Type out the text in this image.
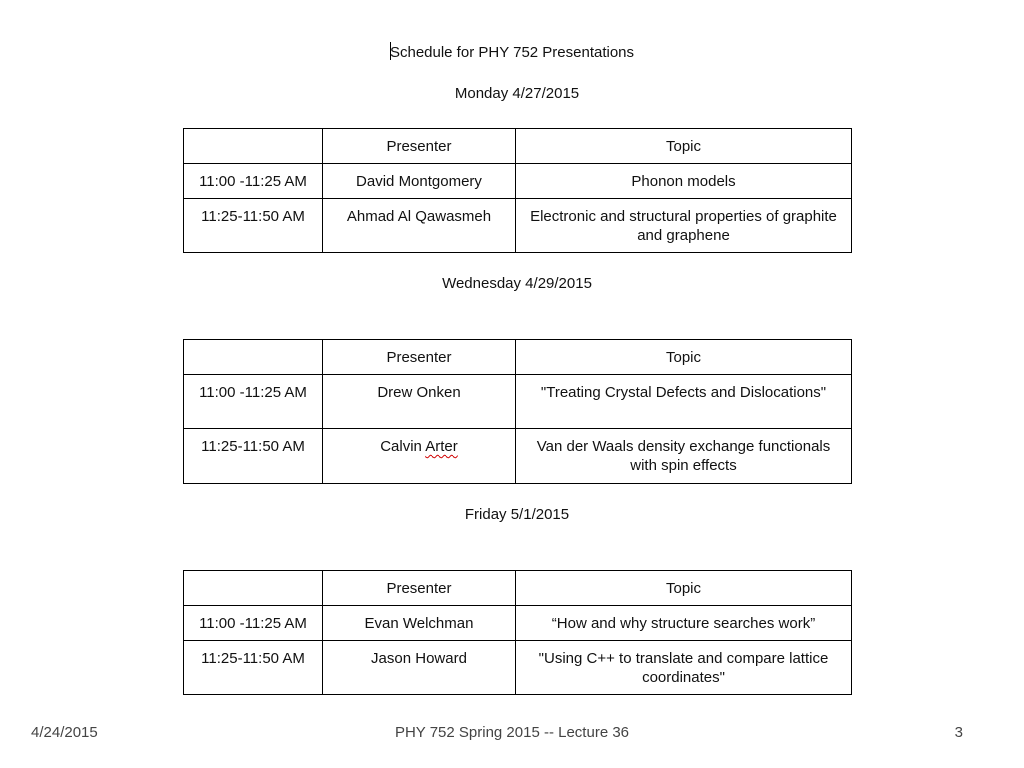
Schedule for PHY 752 Presentations
Monday 4/27/2015
	Presenter	Topic
11:00 -11:25 AM	David Montgomery	Phonon models
11:25-11:50 AM	Ahmad Al Qawasmeh	Electronic and structural properties of graphite and graphene
Wednesday 4/29/2015
	Presenter	Topic
11:00 -11:25 AM	Drew Onken	"Treating Crystal Defects and Dislocations"
11:25-11:50 AM	Calvin Arter	Van der Waals density exchange functionals with spin effects
Friday 5/1/2015
	Presenter	Topic
11:00 -11:25 AM	Evan Welchman	“How and why structure searches work”
11:25-11:50 AM	Jason Howard	"Using C++ to translate and compare lattice coordinates"
PHY 752 Spring 2015 -- Lecture 36
4/24/2015	3
